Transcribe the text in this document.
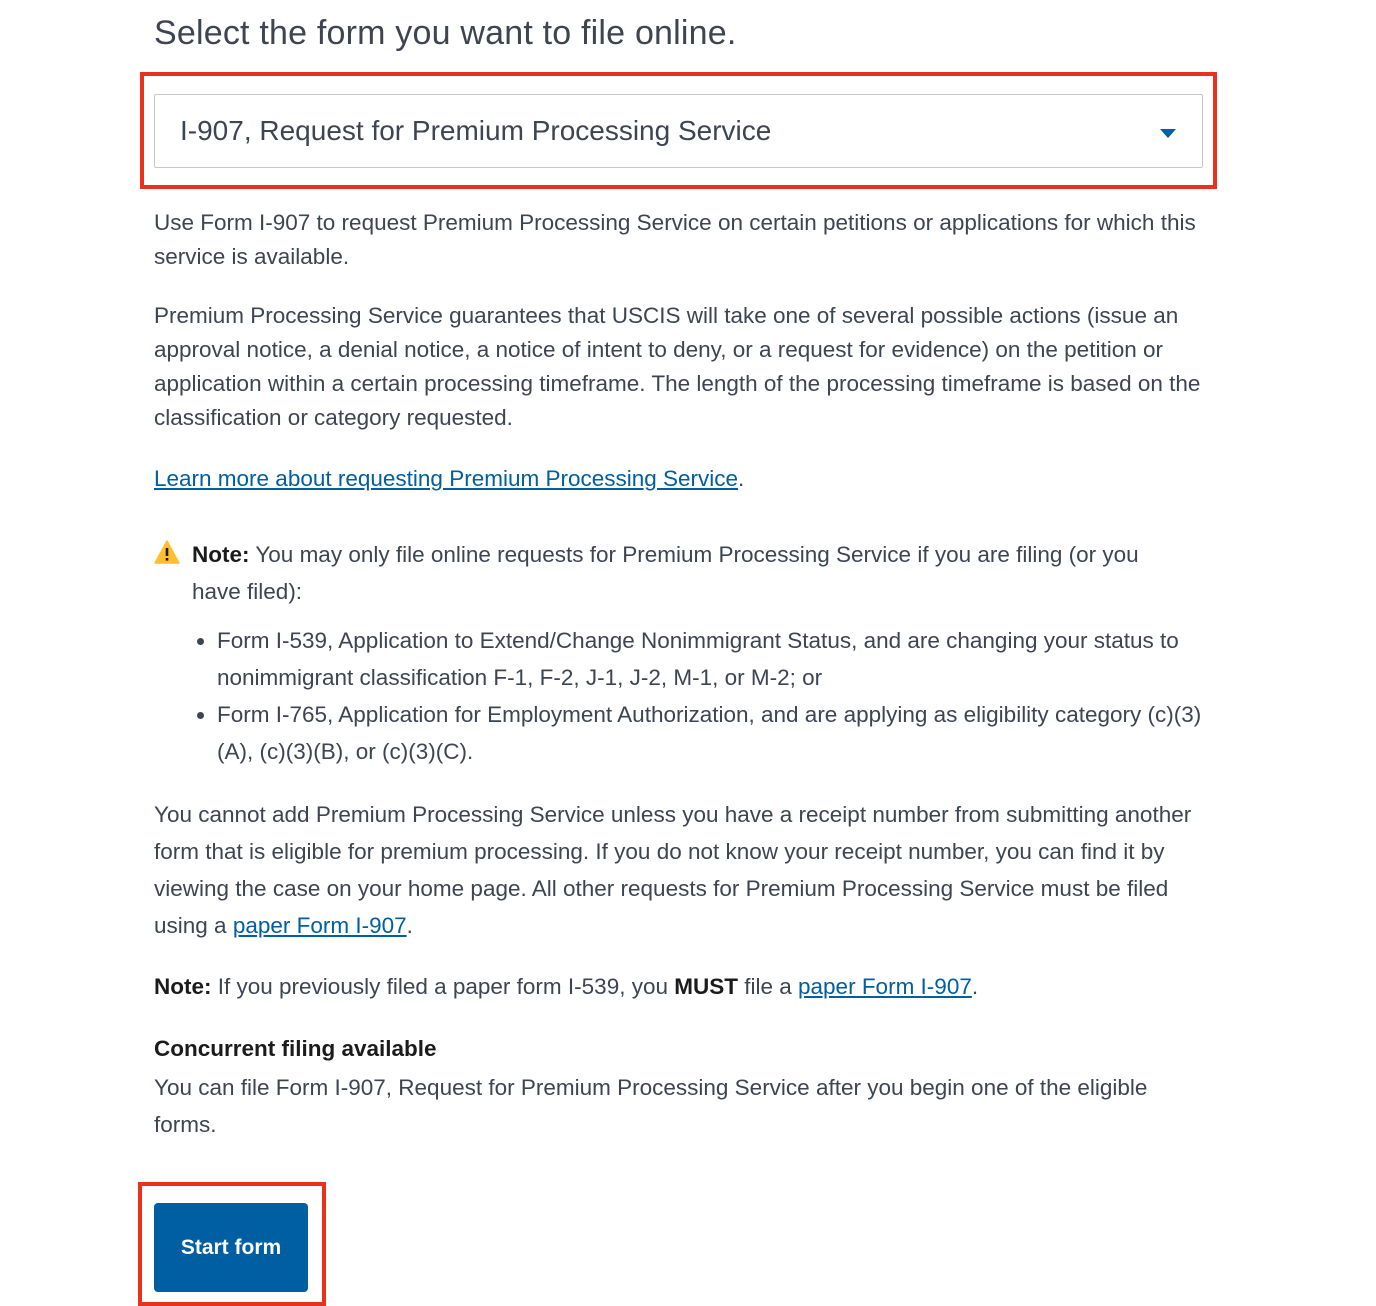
Select the form you want to file online.
I-907, Request for Premium Processing Service

Use Form I-907 to request Premium Processing Service on certain petitions or applications for which this service is available.

Premium Processing Service guarantees that USCIS will take one of several possible actions (issue an approval notice, a denial notice, a notice of intent to deny, or a request for evidence) on the petition or application within a certain processing timeframe. The length of the processing timeframe is based on the classification or category requested.

Learn more about requesting Premium Processing Service.

Note: You may only file online requests for Premium Processing Service if you are filing (or you have filed):

• Form I-539, Application to Extend/Change Nonimmigrant Status, and are changing your status to nonimmigrant classification F-1, F-2, J-1, J-2, M-1, or M-2; or
• Form I-765, Application for Employment Authorization, and are applying as eligibility category (c)(3)(A), (c)(3)(B), or (c)(3)(C).

You cannot add Premium Processing Service unless you have a receipt number from submitting another form that is eligible for premium processing. If you do not know your receipt number, you can find it by viewing the case on your home page. All other requests for Premium Processing Service must be filed using a paper Form I-907.

Note: If you previously filed a paper form I-539, you MUST file a paper Form I-907.

Concurrent filing available

You can file Form I-907, Request for Premium Processing Service after you begin one of the eligible forms.

Start form
